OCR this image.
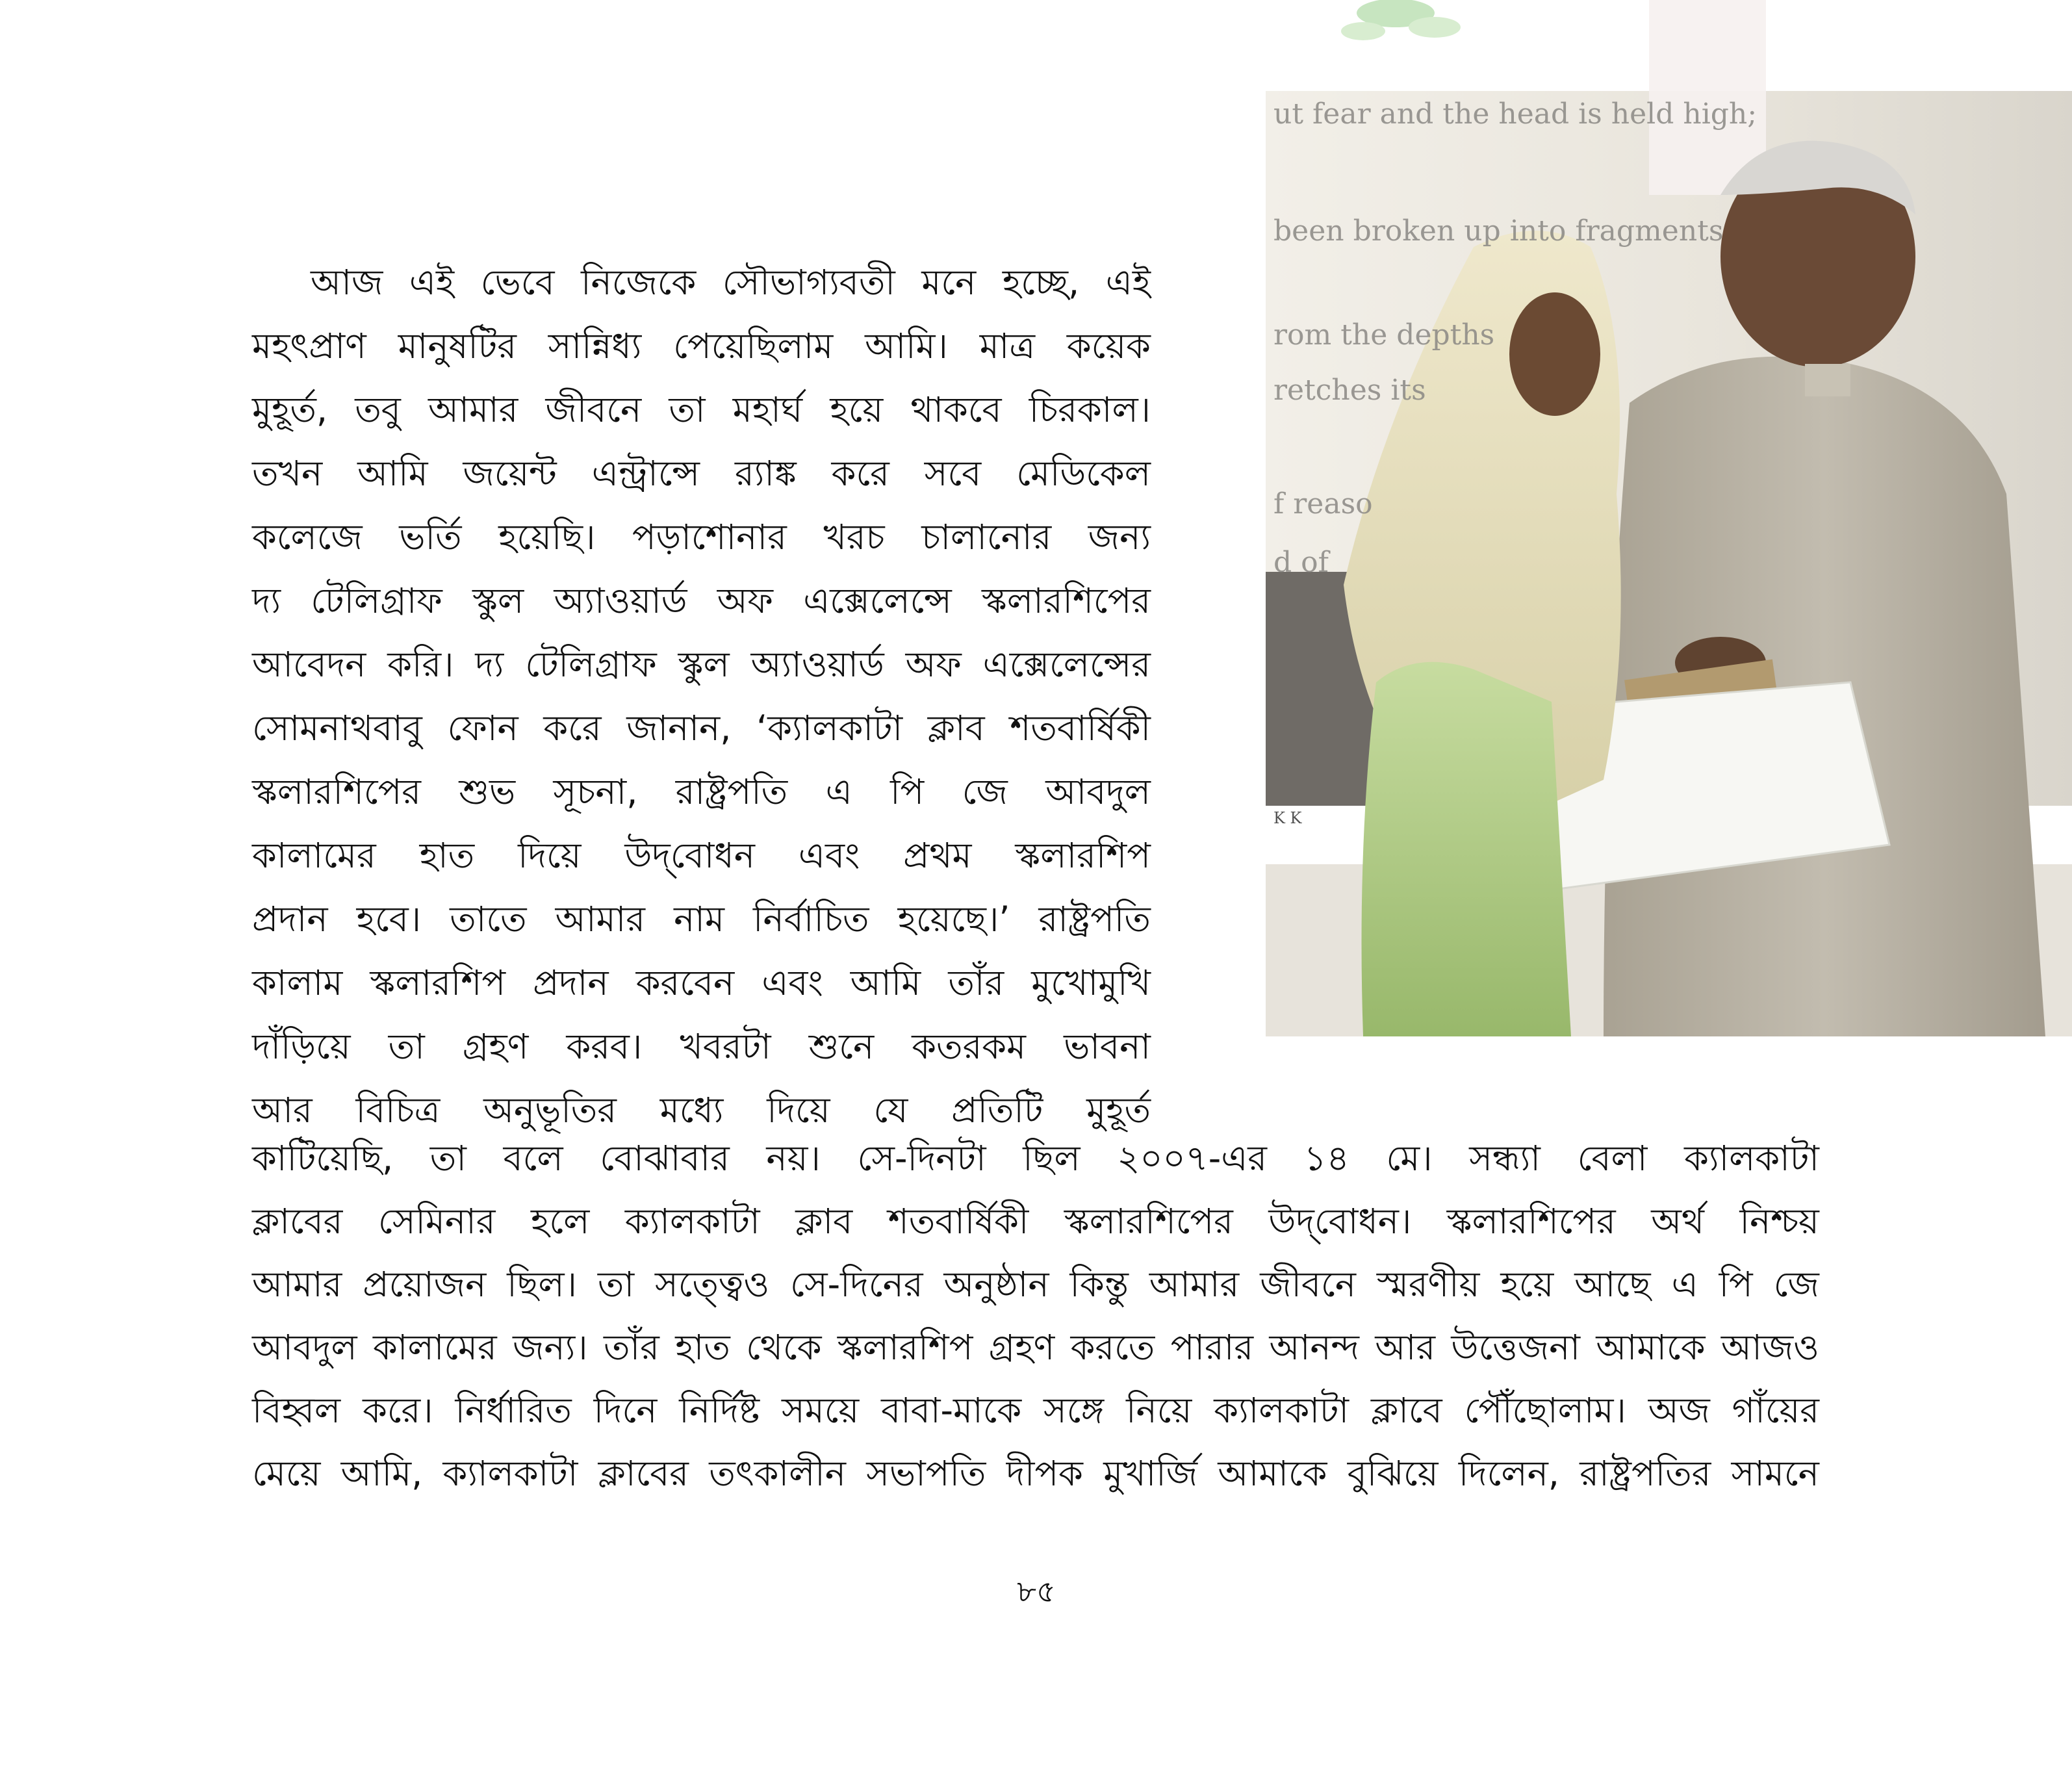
ut fear and the head is held high;
been broken up into fragments
rom the depths
retches its
f reaso
d of
K K
৮৫
আজ এই ভেবে নিজেকে সৌভাগ্যবতী মনে হচ্ছে, এই
মহৎপ্রাণ মানুষটির সান্নিধ্য পেয়েছিলাম আমি। মাত্র কয়েক
মুহূর্ত, তবু আমার জীবনে তা মহার্ঘ হয়ে থাকবে চিরকাল।
তখন আমি জয়েন্ট এন্ট্রান্সে র‍্যাঙ্ক করে সবে মেডিকেল
কলেজে ভর্তি হয়েছি। পড়াশোনার খরচ চালানোর জন্য
দ্য টেলিগ্রাফ স্কুল অ্যাওয়ার্ড অফ এক্সেলেন্সে স্কলারশিপের
আবেদন করি। দ্য টেলিগ্রাফ স্কুল অ্যাওয়ার্ড অফ এক্সেলেন্সের
সোমনাথবাবু ফোন করে জানান, ‘ক্যালকাটা ক্লাব শতবার্ষিকী
স্কলারশিপের শুভ সূচনা, রাষ্ট্রপতি এ পি জে আবদুল
কালামের হাত দিয়ে উদ্‌বোধন এবং প্রথম স্কলারশিপ
প্রদান হবে। তাতে আমার নাম নির্বাচিত হয়েছে।’ রাষ্ট্রপতি
কালাম স্কলারশিপ প্রদান করবেন এবং আমি তাঁর মুখোমুখি
দাঁড়িয়ে তা গ্রহণ করব। খবরটা শুনে কতরকম ভাবনা
আর বিচিত্র অনুভূতির মধ্যে দিয়ে যে প্রতিটি মুহূর্ত
কাটিয়েছি, তা বলে বোঝাবার নয়। সে-দিনটা ছিল ২০০৭-এর ১৪ মে। সন্ধ্যা বেলা ক্যালকাটা
ক্লাবের সেমিনার হলে ক্যালকাটা ক্লাব শতবার্ষিকী স্কলারশিপের উদ্‌বোধন। স্কলারশিপের অর্থ নিশ্চয়
আমার প্রয়োজন ছিল। তা সত্ত্বেও সে-দিনের অনুষ্ঠান কিন্তু আমার জীবনে স্মরণীয় হয়ে আছে এ পি জে
আবদুল কালামের জন্য। তাঁর হাত থেকে স্কলারশিপ গ্রহণ করতে পারার আনন্দ আর উত্তেজনা আমাকে আজও
বিহ্বল করে। নির্ধারিত দিনে নির্দিষ্ট সময়ে বাবা-মাকে সঙ্গে নিয়ে ক্যালকাটা ক্লাবে পৌঁছোলাম। অজ গাঁয়ের
মেয়ে আমি, ক্যালকাটা ক্লাবের তৎকালীন সভাপতি দীপক মুখার্জি আমাকে বুঝিয়ে দিলেন, রাষ্ট্রপতির সামনে
